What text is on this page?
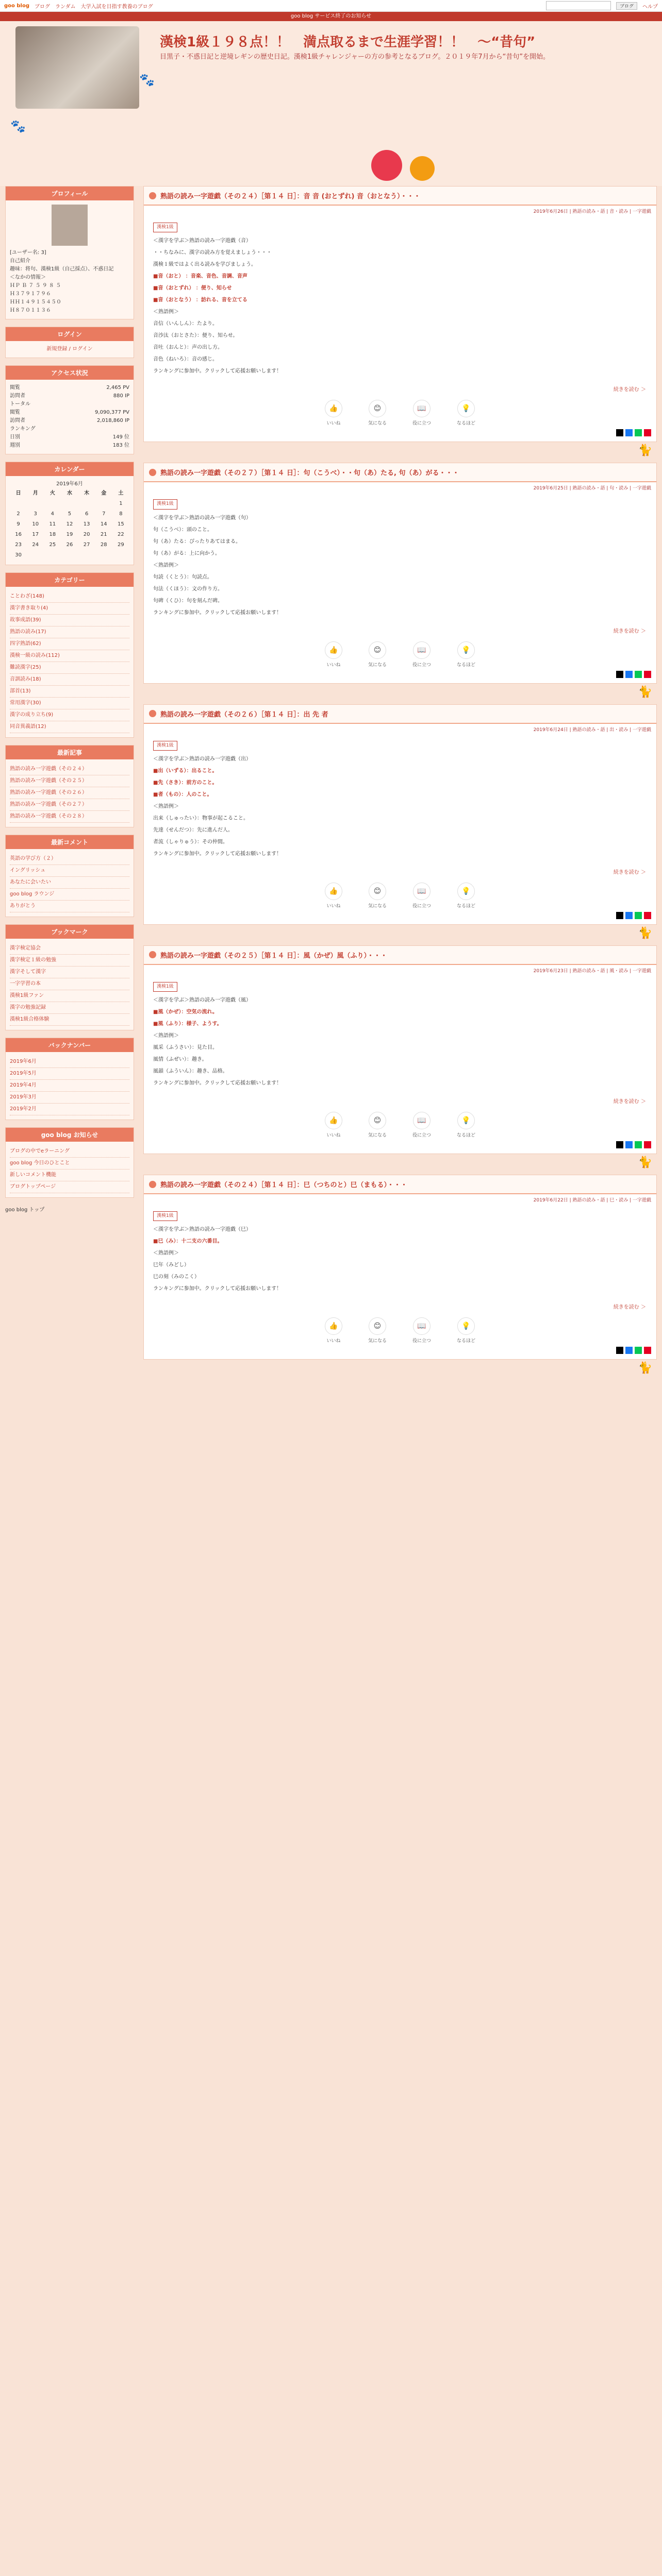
goo blog ブログ ランダム 大学入試を目指す教養のブログ	ブログ	ヘルプ
goo blog サービス終了のお知らせ
漢検1級１９８点！！　満点取るまで生涯学習！！　～“昔句”
目黒子・不惑日記と逆境レギンの歴史日記。漢検1級チャレンジャーの方の参考となるブログ。２０１９年7月から“昔句”を開始。
🐾
🐾
プロフィール
[ユーザー名: 3]
自己紹介
趣味：将句、漢検1級（自己採点）、不惑日記
＜なかの情報＞
ＨＰ Ｂ ７ ５ ９ ８ ５
Ｈ３７９１７９６
ＨＨ１４９１５４５０
Ｈ８７０１１３６
ログイン
新規登録 / ログイン
アクセス状況
閲覧	2,465 PV
訪問者	880 IP
トータル
閲覧	9,090,377 PV
訪問者	2,018,860 IP
ランキング
日別	149 位
週別	183 位
カレンダー
2019年6月
日	月	火	水	木	金	土
						1
2	3	4	5	6	7	8
9	10	11	12	13	14	15
16	17	18	19	20	21	22
23	24	25	26	27	28	29
30						
カテゴリー
ことわざ(148)
漢字書き取り(4)
故事成語(39)
熟語の読み(17)
四字熟語(62)
漢検一級の読み(112)
難読漢字(25)
音訓読み(18)
部首(13)
常用漢字(30)
漢字の成り立ち(9)
同音異義語(12)
最新記事
熟語の読み一字遊戯（その２４）
熟語の読み一字遊戯（その２５）
熟語の読み一字遊戯（その２６）
熟語の読み一字遊戯（その２７）
熟語の読み一字遊戯（その２８）
最新コメント
英語の学び方（２）
イングリッシュ
あなたに会いたい
goo blog ラウンジ
ありがとう
ブックマーク
漢字検定協会
漢字検定１級の勉強
漢字そして漢字
一字学習の本
漢検1級ファン
漢字の勉強記録
漢検1級合格体験
バックナンバー
2019年6月
2019年5月
2019年4月
2019年3月
2019年2月
goo blog お知らせ
ブログの中でeラーニング
goo blog 今日のひとこと
新しいコメント機能
ブログトップページ
goo blog トップ
熟語の読み一字遊戯（その２４）［第１４ 日］：音 音 (おとずれ) 音（おとなう）・・・
2019年6月26日 | 熟語の読み・語 | 音・読み | 一字遊戯
漢検1級

＜漢字を学ぶ＞熟語の読み一字遊戯（音）

・・ちなみに、漢字の読み方を覚えましょう・・・

漢検１級ではよく出る読みを学びましょう。

■音（おと） ：音楽、音色、音調、音声

■音（おとずれ） ：便り、知らせ

■音（おとなう） ：訪れる、音を立てる

＜熟語例＞

音信（いんしん）：たより。

音沙汰（おとさた）：便り、知らせ。

音吐（おんと）：声の出し方。

音色（ねいろ）：音の感じ。

ランキングに参加中。クリックして応援お願いします！

続きを読む ＞
👍
いいね
😊
気になる
📖
役に立つ
💡
なるほど
🐈
熟語の読み一字遊戯（その２７）［第１４ 日］：句（こうべ）・・句（あ）たる, 句（あ）がる・・・
2019年6月25日 | 熟語の読み・語 | 句・読み | 一字遊戯
漢検1級

＜漢字を学ぶ＞熟語の読み一字遊戯（句）

句（こうべ）：頭のこと。

句（あ）たる：ぴったりあてはまる。

句（あ）がる：上に向かう。

＜熟語例＞

句読（くとう）：句読点。

句法（くほう）：文の作り方。

句碑（くひ）：句を刻んだ碑。

ランキングに参加中。クリックして応援お願いします！

続きを読む ＞
👍
いいね
😊
気になる
📖
役に立つ
💡
なるほど
🐈
熟語の読み一字遊戯（その２６）［第１４ 日］：出 先 者
2019年6月24日 | 熟語の読み・語 | 出・読み | 一字遊戯
漢検1級

＜漢字を学ぶ＞熟語の読み一字遊戯（出）

■出（いずる）：出ること。

■先（さき）：前方のこと。

■者（もの）：人のこと。

＜熟語例＞

出来（しゅったい）：物事が起こること。

先達（せんだつ）：先に進んだ人。

者流（しゃりゅう）：その仲間。

ランキングに参加中。クリックして応援お願いします！

続きを読む ＞
👍
いいね
😊
気になる
📖
役に立つ
💡
なるほど
🐈
熟語の読み一字遊戯（その２５）［第１４ 日］：風（かぜ）風（ふり）・・・
2019年6月23日 | 熟語の読み・語 | 風・読み | 一字遊戯
漢検1級

＜漢字を学ぶ＞熟語の読み一字遊戯（風）

■風（かぜ）：空気の流れ。

■風（ふり）：様子、ようす。

＜熟語例＞

風采（ふうさい）：見た目。

風情（ふぜい）：趣き。

風韻（ふういん）：趣き、品格。

ランキングに参加中。クリックして応援お願いします！

続きを読む ＞
👍
いいね
😊
気になる
📖
役に立つ
💡
なるほど
🐈
熟語の読み一字遊戯（その２４）［第１４ 日］：巳（つちのと）巳（まもる）・・・
2019年6月22日 | 熟語の読み・語 | 巳・読み | 一字遊戯
漢検1級

＜漢字を学ぶ＞熟語の読み一字遊戯（巳）

■巳（み）：十二支の六番目。

＜熟語例＞

巳年（みどし）

巳の刻（みのこく）

ランキングに参加中。クリックして応援お願いします！

続きを読む ＞
👍
いいね
😊
気になる
📖
役に立つ
💡
なるほど
🐈
